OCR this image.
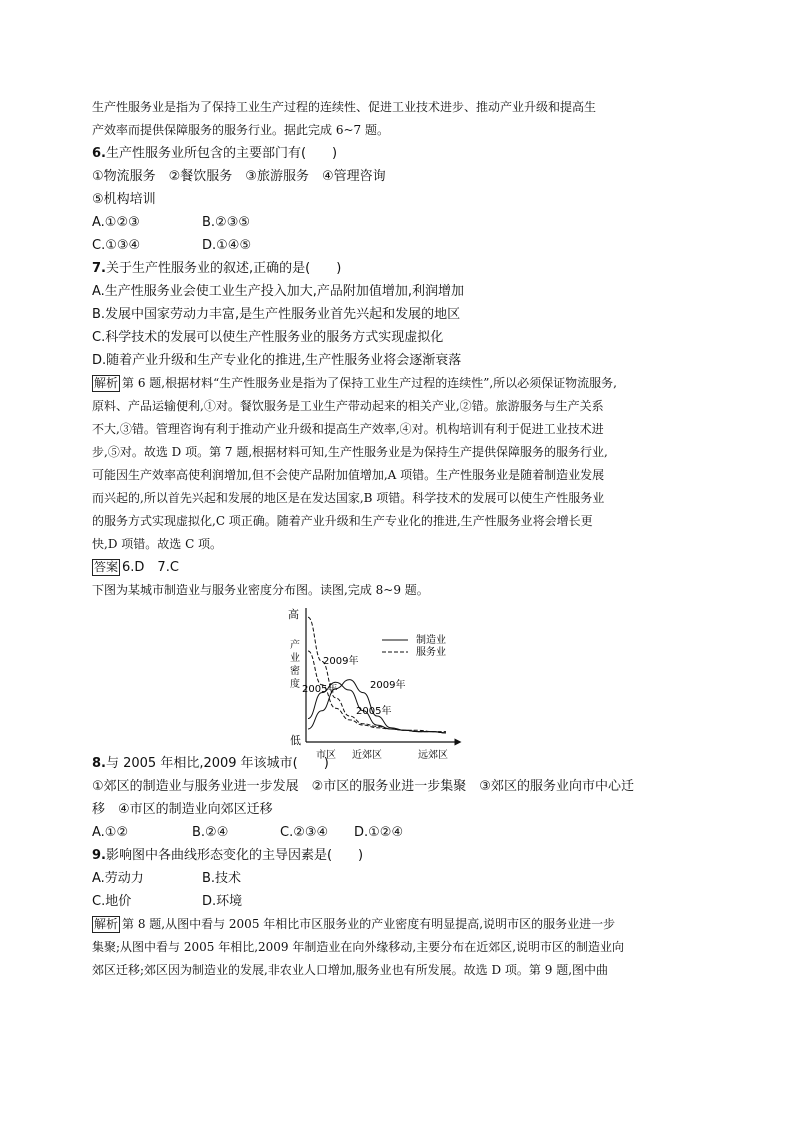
生产性服务业是指为了保持工业生产过程的连续性、促进工业技术进步、推动产业升级和提高生
产效率而提供保障服务的服务行业。据此完成 6~7 题。
6.生产性服务业所包含的主要部门有(　　)
①物流服务　②餐饮服务　③旅游服务　④管理咨询
⑤机构培训
A.①②③	B.②③⑤
C.①③④	D.①④⑤
7.关于生产性服务业的叙述,正确的是(　　)
A.生产性服务业会使工业生产投入加大,产品附加值增加,利润增加
B.发展中国家劳动力丰富,是生产性服务业首先兴起和发展的地区
C.科学技术的发展可以使生产性服务业的服务方式实现虚拟化
D.随着产业升级和生产专业化的推进,生产性服务业将会逐渐衰落
解析 第 6 题,根据材料“生产性服务业是指为了保持工业生产过程的连续性”,所以必须保证物流服务,
原料、产品运输便利,①对。餐饮服务是工业生产带动起来的相关产业,②错。旅游服务与生产关系
不大,③错。管理咨询有利于推动产业升级和提高生产效率,④对。机构培训有利于促进工业技术进
步,⑤对。故选 D 项。第 7 题,根据材料可知,生产性服务业是为保持生产提供保障服务的服务行业,
可能因生产效率高使利润增加,但不会使产品附加值增加,A 项错。生产性服务业是随着制造业发展
而兴起的,所以首先兴起和发展的地区是在发达国家,B 项错。科学技术的发展可以使生产性服务业
的服务方式实现虚拟化,C 项正确。随着产业升级和生产专业化的推进,生产性服务业将会增长更
快,D 项错。故选 C 项。
答案 6.D　7.C
下图为某城市制造业与服务业密度分布图。读图,完成 8~9 题。
高
低
产业密度
市区 近郊区	远郊区
制造业
服务业
2009年
2009年
2005年
2005年
8.与 2005 年相比,2009 年该城市(　　)
①郊区的制造业与服务业进一步发展　②市区的服务业进一步集聚　③郊区的服务业向市中心迁
移　④市区的制造业向郊区迁移
A.①②	B.②④	C.②③④	D.①②④
9.影响图中各曲线形态变化的主导因素是(　　)
A.劳动力	B.技术
C.地价	D.环境
解析 第 8 题,从图中看与 2005 年相比市区服务业的产业密度有明显提高,说明市区的服务业进一步
集聚;从图中看与 2005 年相比,2009 年制造业在向外缘移动,主要分布在近郊区,说明市区的制造业向
郊区迁移;郊区因为制造业的发展,非农业人口增加,服务业也有所发展。故选 D 项。第 9 题,图中曲
